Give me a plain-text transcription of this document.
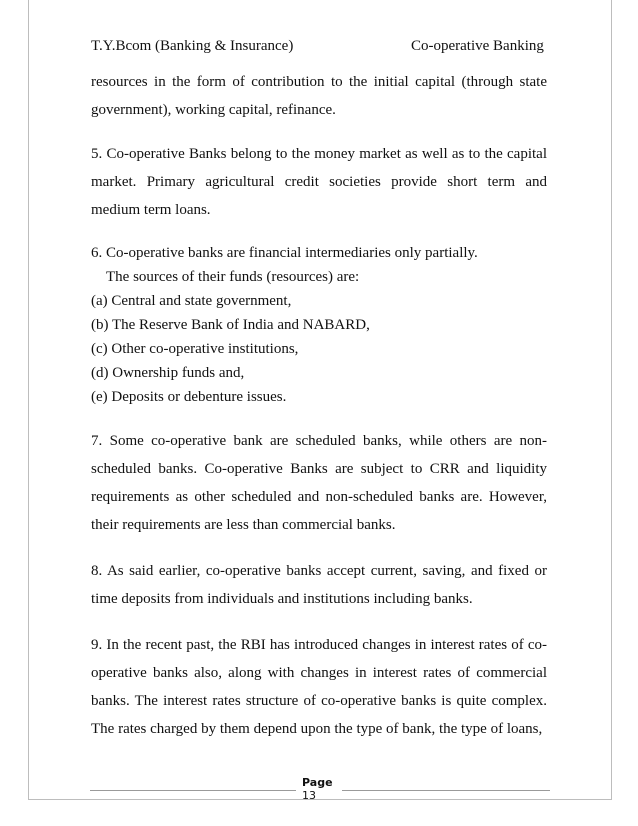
T.Y.Bcom (Banking & Insurance)	Co-operative Banking

resources in the form of contribution to the initial capital (through state government), working capital, refinance.

5. Co-operative Banks belong to the money market as well as to the capital market. Primary agricultural credit societies provide short term and medium term loans.

6. Co-operative banks are financial intermediaries only partially.
The sources of their funds (resources) are:
(a) Central and state government,
(b) The Reserve Bank of India and NABARD,
(c) Other co-operative institutions,
(d) Ownership funds and,
(e) Deposits or debenture issues.

7. Some co-operative bank are scheduled banks, while others are non-scheduled banks. Co-operative Banks are subject to CRR and liquidity requirements as other scheduled and non-scheduled banks are. However, their requirements are less than commercial banks.

8. As said earlier, co-operative banks accept current, saving, and fixed or time deposits from individuals and institutions including banks.

9. In the recent past, the RBI has introduced changes in interest rates of co-operative banks also, along with changes in interest rates of commercial banks. The interest rates structure of co-operative banks is quite complex. The rates charged by them depend upon the type of bank, the type of loans,

Page
13
